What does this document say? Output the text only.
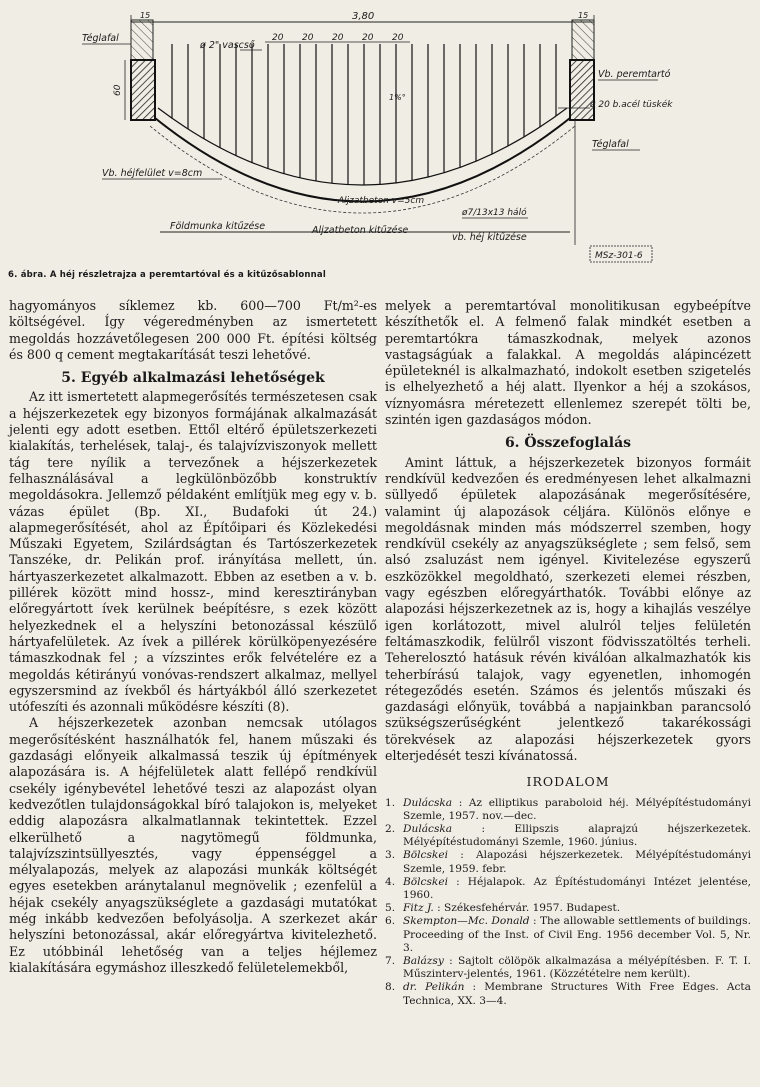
3,80
15	15
20 20 20 20 20
ø 2" vascső
60
Téglafal
Vb. peremtartó
ø 20 b.acél tüskék
1%°
Téglafal
Vb. héjfelület v=8cm
Aljzatbeton v=5cm
ø7/13x13 háló
Földmunka kitűzése	Aljzatbeton kitűzése
vb. héj kitűzése
MSz-301-6
6. ábra. A héj részletrajza a peremtartóval és a kitűzősablonnal

hagyományos síklemez kb. 600—700 Ft/m²-es költségével. Így végeredményben az ismertetett megoldás hozzávetőlegesen 200 000 Ft. építési költség és 800 q cement megtakarítását teszi lehetővé.

5. Egyéb alkalmazási lehetőségek

Az itt ismertetett alapmegerősítés természetesen csak a héjszerkezetek egy bizonyos formájának alkalmazását jelenti egy adott esetben. Ettől eltérő épületszerkezeti kialakítás, terhelések, talaj-, és talajvízviszonyok mellett tág tere nyílik a tervezőnek a héjszerkezetek felhasználásával a legkülönbözőbb konstruktív megoldásokra. Jellemző példaként említjük meg egy v. b. vázas épület (Bp. XI., Budafoki út 24.) alapmegerősítését, ahol az Építőipari és Közlekedési Műszaki Egyetem, Szilárdságtan és Tartószerkezetek Tanszéke, dr. Pelikán prof. irányítása mellett, ún. hártyaszerkezetet alkalmazott. Ebben az esetben a v. b. pillérek között mind hossz-, mind keresztirányban előregyártott ívek kerülnek beépítésre, s ezek között helyezkednek el a helyszíni betonozással készülő hártyafelületek. Az ívek a pillérek körülköpenyezésére támaszkodnak fel ; a vízszintes erők felvételére ez a megoldás kétirányú vonóvas-rendszert alkalmaz, mellyel egyszersmind az ívekből és hártyákból álló szerkezetet utófeszíti és azonnali működésre készíti (8).

A héjszerkezetek azonban nemcsak utólagos megerősítésként használhatók fel, hanem műszaki és gazdasági előnyeik alkalmassá teszik új építmények alapozására is. A héjfelületek alatt fellépő rendkívül csekély igénybevétel lehetővé teszi az alapozást olyan kedvezőtlen tulajdonságokkal bíró talajokon is, melyeket eddig alapozásra alkalmatlannak tekintettek. Ezzel elkerülhető a nagytömegű földmunka, talajvízszintsüllyesztés, vagy éppenséggel a mélyalapozás, melyek az alapozási munkák költségét egyes esetekben aránytalanul megnövelik ; ezenfelül a héjak csekély anyagszükséglete a gazdasági mutatókat még inkább kedvezően befolyásolja. A szerkezet akár helyszíni betonozással, akár előregyártva kivitelezhető. Ez utóbbinál lehetőség van a teljes héjlemez kialakítására egymáshoz illeszkedő felületelemekből,

melyek a peremtartóval monolitikusan egybeépítve készíthetők el. A felmenő falak mindkét esetben a peremtartókra támaszkodnak, melyek azonos vastagságúak a falakkal. A megoldás alápincézett épületeknél is alkalmazható, indokolt esetben szigetelés is elhelyezhető a héj alatt. Ilyenkor a héj a szokásos, víznyomásra méretezett ellenlemez szerepét tölti be, szintén igen gazdaságos módon.

6. Összefoglalás

Amint láttuk, a héjszerkezetek bizonyos formáit rendkívül kedvezően és eredményesen lehet alkalmazni süllyedő épületek alapozásának megerősítésére, valamint új alapozások céljára. Különös előnye e megoldásnak minden más módszerrel szemben, hogy rendkívül csekély az anyagszükséglete ; sem felső, sem alsó zsaluzást nem igényel. Kivitelezése egyszerű eszközökkel megoldható, szerkezeti elemei részben, vagy egészben előregyárthatók. További előnye az alapozási héjszerkezetnek az is, hogy a kihajlás veszélye igen korlátozott, mivel alulról teljes felületén feltámaszkodik, felülről viszont födvisszatöltés terheli. Teherelosztó hatásuk révén kiválóan alkalmazhatók kis teherbírású talajok, vagy egyenetlen, inhomogén rétegeződés esetén. Számos és jelentős műszaki és gazdasági előnyük, továbbá a napjainkban parancsoló szükségszerűségként jelentkező takarékossági törekvések az alapozási héjszerkezetek gyors elterjedését teszi kívánatossá.

IRODALOM
1. Dulácska : Az elliptikus paraboloid héj. Mélyépítéstudományi Szemle, 1957. nov.—dec.
2. Dulácska : Ellipszis alaprajzú héjszerkezetek. Mélyépítéstudományi Szemle, 1960. június.
3. Bölcskei : Alapozási héjszerkezetek. Mélyépítéstudományi Szemle, 1959. febr.
4. Bölcskei : Héjalapok. Az Építéstudományi Intézet jelentése, 1960.
5. Fitz J. : Székesfehérvár. 1957. Budapest.
6. Skempton—Mc. Donald : The allowable settlements of buildings. Proceeding of the Inst. of Civil Eng. 1956 december Vol. 5, Nr. 3.
7. Balázsy : Sajtolt cölöpök alkalmazása a mélyépítésben. F. T. I. Műszinterv-jelentés, 1961. (Közzétételre nem került).
8. dr. Pelikán : Membrane Structures With Free Edges. Acta Technica, XX. 3—4.
